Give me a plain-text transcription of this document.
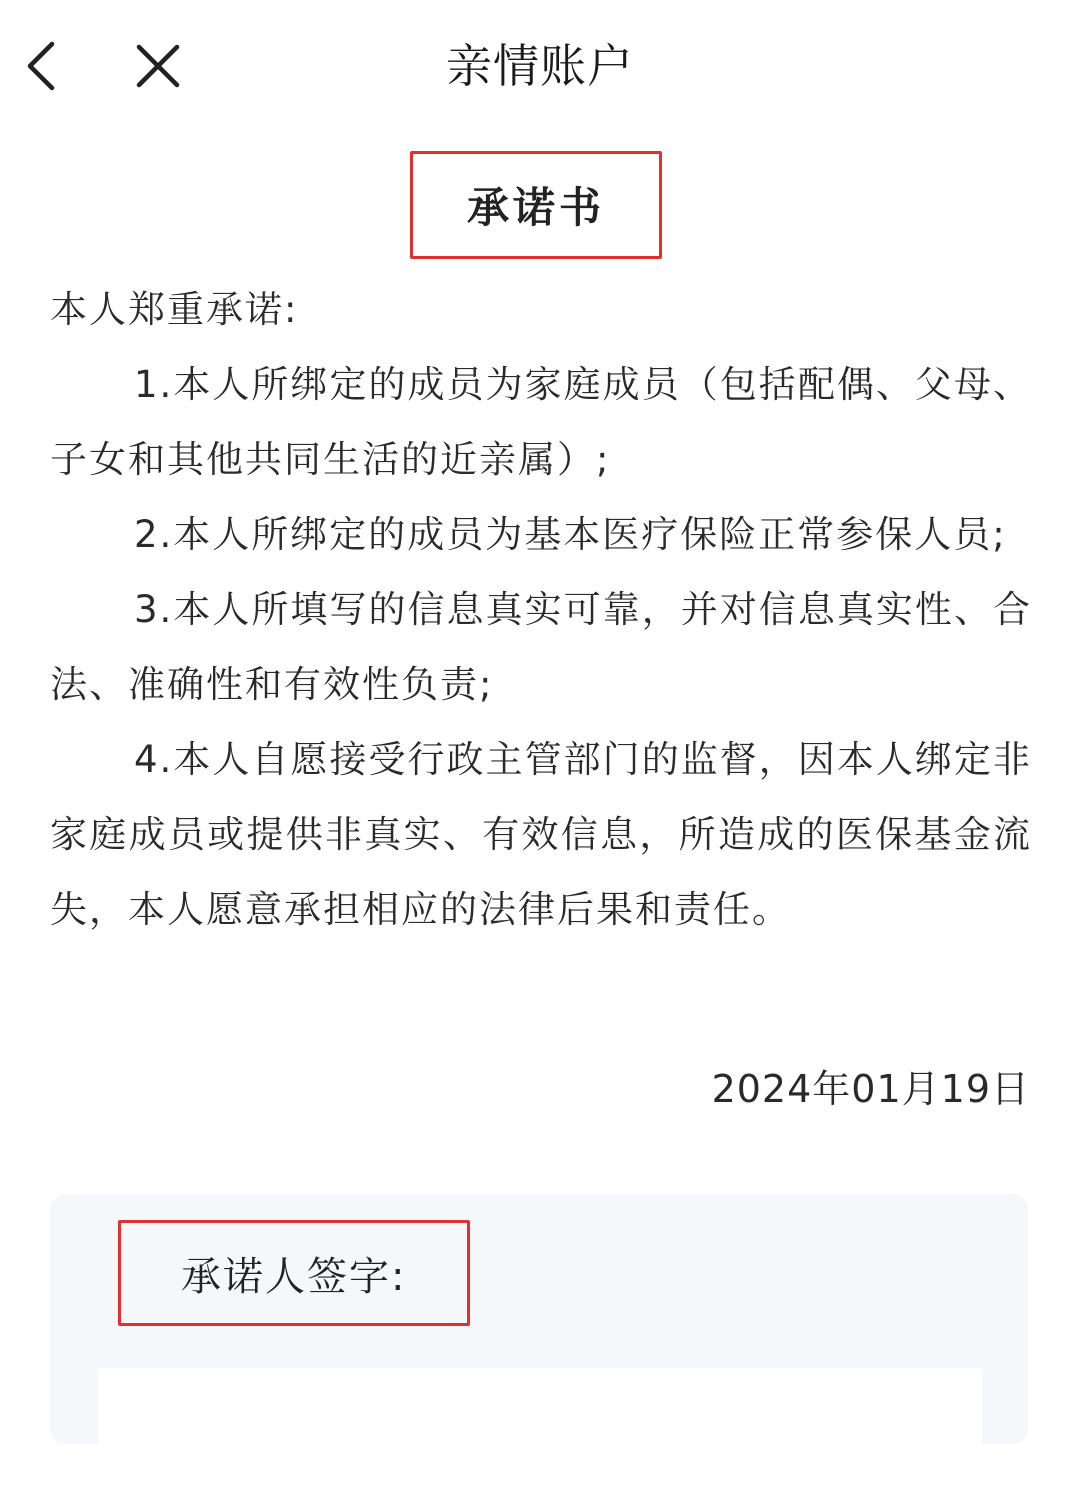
亲情账户
承诺书

本人郑重承诺:

1.本人所绑定的成员为家庭成员（包括配偶、父母、子女和其他共同生活的近亲属）;

2.本人所绑定的成员为基本医疗保险正常参保人员;

3.本人所填写的信息真实可靠，并对信息真实性、合法、准确性和有效性负责;

4.本人自愿接受行政主管部门的监督，因本人绑定非家庭成员或提供非真实、有效信息，所造成的医保基金流失，本人愿意承担相应的法律后果和责任。

2024年01月19日
承诺人签字:
